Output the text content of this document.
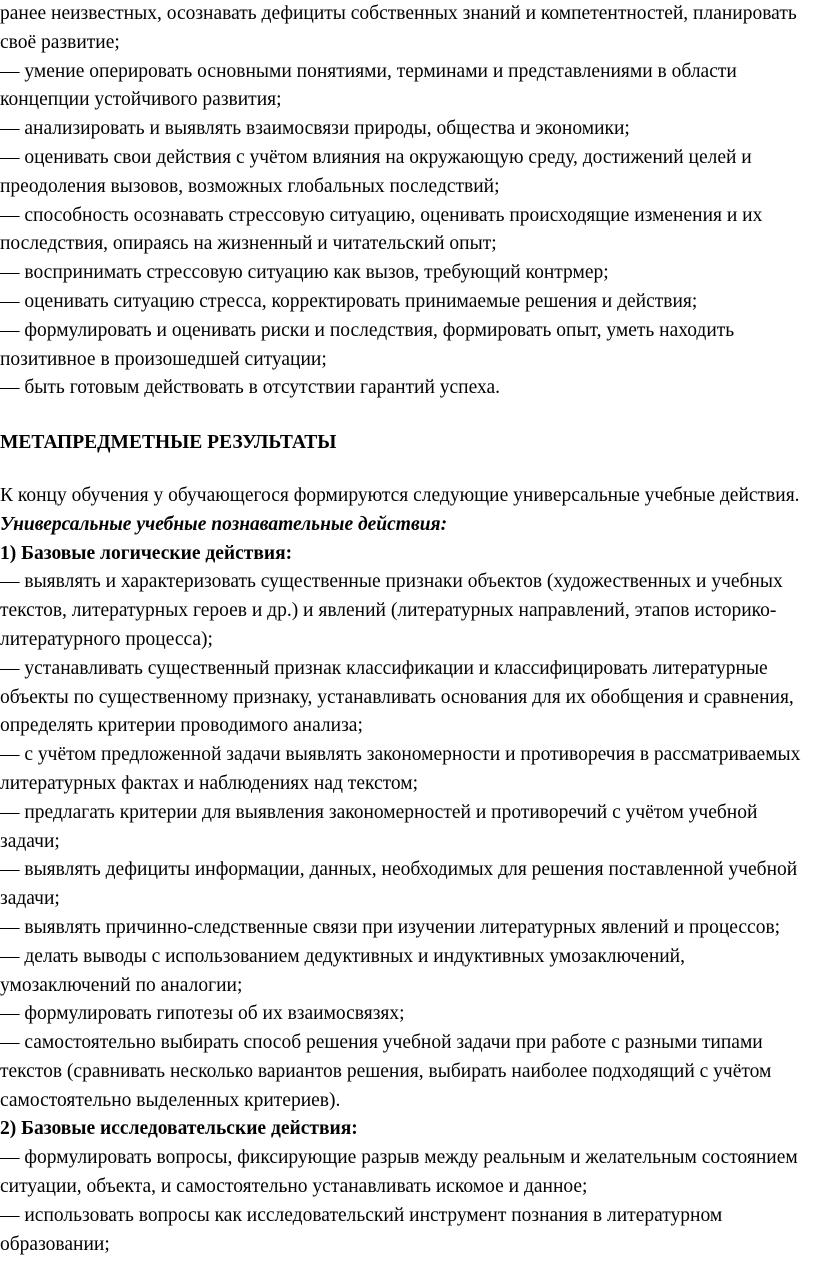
ранее неизвестных, осознавать дефициты собственных знаний и компетентностей, планировать своё развитие;

— умение оперировать основными понятиями, терминами и представлениями в области концепции устойчивого развития;

— анализировать и выявлять взаимосвязи природы, общества и экономики;

— оценивать свои действия с учётом влияния на окружающую среду, достижений целей и преодоления вызовов, возможных глобальных последствий;

— способность осознавать стрессовую ситуацию, оценивать происходящие изменения и их последствия, опираясь на жизненный и читательский опыт;

— воспринимать стрессовую ситуацию как вызов, требующий контрмер;

— оценивать ситуацию стресса, корректировать принимаемые решения и действия;

— формулировать и оценивать риски и последствия, формировать опыт, уметь находить позитивное в произошедшей ситуации;

— быть готовым действовать в отсутствии гарантий успеха.

МЕТАПРЕДМЕТНЫЕ РЕЗУЛЬТАТЫ

К концу обучения у обучающегося формируются следующие универсальные учебные действия.

Универсальные учебные познавательные действия:

1) Базовые логические действия:

— выявлять и характеризовать существенные признаки объектов (художественных и учебных текстов, литературных героев и др.) и явлений (литературных направлений, этапов историко-литературного процесса);

— устанавливать существенный признак классификации и классифицировать литературные объекты по существенному признаку, устанавливать основания для их обобщения и сравнения, определять критерии проводимого анализа;

— с учётом предложенной задачи выявлять закономерности и противоречия в рассматриваемых литературных фактах и наблюдениях над текстом;

— предлагать критерии для выявления закономерностей и противоречий с учётом учебной задачи;

— выявлять дефициты информации, данных, необходимых для решения поставленной учебной задачи;

— выявлять причинно-следственные связи при изучении литературных явлений и процессов;

— делать выводы с использованием дедуктивных и индуктивных умозаключений, умозаключений по аналогии;

— формулировать гипотезы об их взаимосвязях;

— самостоятельно выбирать способ решения учебной задачи при работе с разными типами текстов (сравнивать несколько вариантов решения, выбирать наиболее подходящий с учётом самостоятельно выделенных критериев).

2) Базовые исследовательские действия:

— формулировать вопросы, фиксирующие разрыв между реальным и желательным состоянием ситуации, объекта, и самостоятельно устанавливать искомое и данное;

— использовать вопросы как исследовательский инструмент познания в литературном образовании;
